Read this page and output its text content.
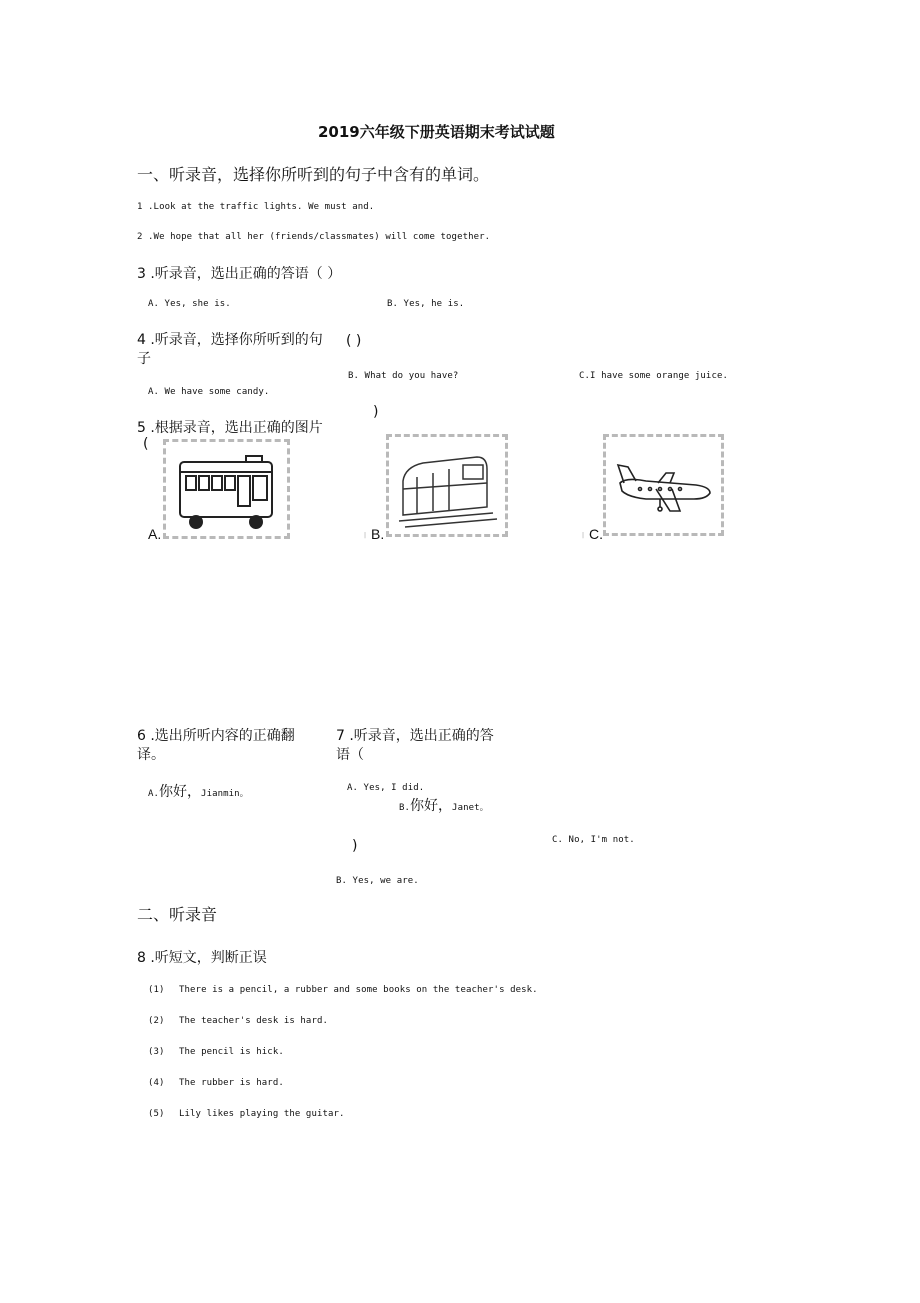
2019六年级下册英语期末考试试题
一、听录音，选择你所听到的句子中含有的单词。
1 .Look at the traffic lights. We must and.
2 .We hope that all her (friends/classmates) will come together.
3 .听录音，选出正确的答语（ ）
A. Yes, she is.	B. Yes, he is.
4 .听录音，选择你所听到的句
子
( )
B. What do you have?	C.I have some orange juice.
A. We have some candy.
)
5 .根据录音，选出正确的图片
(
A.	| B.	| C.
6 .选出所听内容的正确翻
译。
A.你好，Jianmin。
B.你好，Janet。
7 .听录音，选出正确的答
语（
A. Yes, I did.
C. No, I'm not.
)
B. Yes, we are.
二、听录音
8 .听短文，判断正误
(1) There is a pencil, a rubber and some books on the teacher's desk.
(2) The teacher's desk is hard.
(3) The pencil is hick.
(4) The rubber is hard.
(5) Lily likes playing the guitar.
